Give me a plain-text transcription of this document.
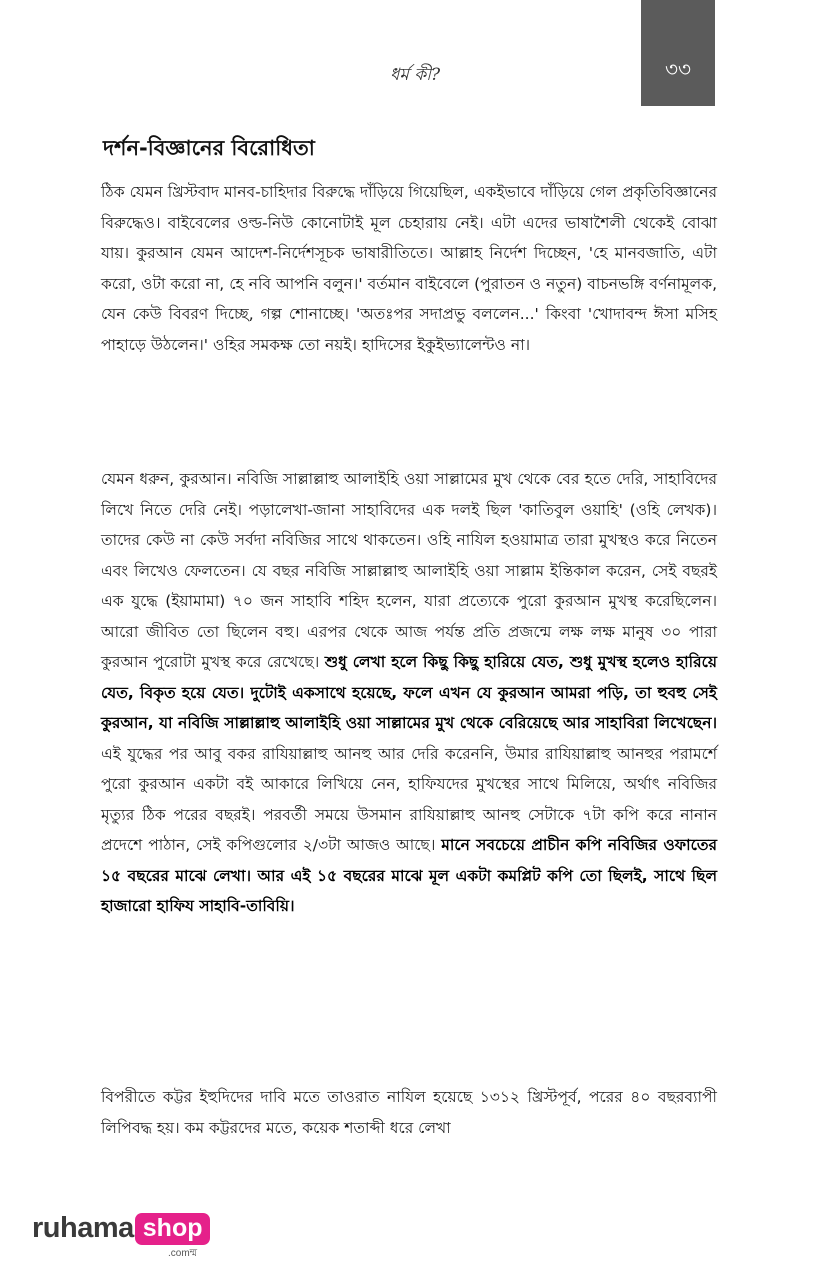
ধর্ম কী?	৩৩
দর্শন-বিজ্ঞানের বিরোধিতা

ঠিক যেমন খ্রিস্টবাদ মানব-চাহিদার বিরুদ্ধে দাঁড়িয়ে গিয়েছিল, একইভাবে দাঁড়িয়ে গেল প্রকৃতিবিজ্ঞানের বিরুদ্ধেও। বাইবেলের ওল্ড-নিউ কোনোটাই মূল চেহারায় নেই। এটা এদের ভাষাশৈলী থেকেই বোঝা যায়। কুরআন যেমন আদেশ-নির্দেশসূচক ভাষারীতিতে। আল্লাহ নির্দেশ দিচ্ছেন, 'হে মানবজাতি, এটা করো, ওটা করো না, হে নবি আপনি বলুন।' বর্তমান বাইবেলে (পুরাতন ও নতুন) বাচনভঙ্গি বর্ণনামূলক, যেন কেউ বিবরণ দিচ্ছে, গল্প শোনাচ্ছে। 'অতঃপর সদাপ্রভু বললেন...' কিংবা 'খোদাবন্দ ঈসা মসিহ পাহাড়ে উঠলেন।' ওহির সমকক্ষ তো নয়ই। হাদিসের ইকুইভ্যালেন্টও না।

যেমন ধরুন, কুরআন। নবিজি সাল্লাল্লাহু আলাইহি ওয়া সাল্লামের মুখ থেকে বের হতে দেরি, সাহাবিদের লিখে নিতে দেরি নেই। পড়ালেখা-জানা সাহাবিদের এক দলই ছিল 'কাতিবুল ওয়াহি' (ওহি লেখক)। তাদের কেউ না কেউ সর্বদা নবিজির সাথে থাকতেন। ওহি নাযিল হওয়ামাত্র তারা মুখস্থও করে নিতেন এবং লিখেও ফেলতেন। যে বছর নবিজি সাল্লাল্লাহু আলাইহি ওয়া সাল্লাম ইন্তিকাল করেন, সেই বছরই এক যুদ্ধে (ইয়ামামা) ৭০ জন সাহাবি শহিদ হলেন, যারা প্রত্যেকে পুরো কুরআন মুখস্থ করেছিলেন। আরো জীবিত তো ছিলেন বহু। এরপর থেকে আজ পর্যন্ত প্রতি প্রজন্মে লক্ষ লক্ষ মানুষ ৩০ পারা কুরআন পুরোটা মুখস্থ করে রেখেছে। শুধু লেখা হলে কিছু কিছু হারিয়ে যেত, শুধু মুখস্থ হলেও হারিয়ে যেত, বিকৃত হয়ে যেত। দুটোই একসাথে হয়েছে, ফলে এখন যে কুরআন আমরা পড়ি, তা হুবহু সেই কুরআন, যা নবিজি সাল্লাল্লাহু আলাইহি ওয়া সাল্লামের মুখ থেকে বেরিয়েছে আর সাহাবিরা লিখেছেন। এই যুদ্ধের পর আবু বকর রাযিয়াল্লাহু আনহু আর দেরি করেননি, উমার রাযিয়াল্লাহু আনহুর পরামর্শে পুরো কুরআন একটা বই আকারে লিখিয়ে নেন, হাফিযদের মুখস্থের সাথে মিলিয়ে, অর্থাৎ নবিজির মৃত্যুর ঠিক পরের বছরই। পরবর্তী সময়ে উসমান রাযিয়াল্লাহু আনহু সেটাকে ৭টা কপি করে নানান প্রদেশে পাঠান, সেই কপিগুলোর ২/৩টা আজও আছে। মানে সবচেয়ে প্রাচীন কপি নবিজির ওফাতের ১৫ বছরের মাঝে লেখা। আর এই ১৫ বছরের মাঝে মূল একটা কমপ্লিট কপি তো ছিলই, সাথে ছিল হাজারো হাফিয সাহাবি-তাবিয়ি।

বিপরীতে কট্টর ইহুদিদের দাবি মতে তাওরাত নাযিল হয়েছে ১৩১২ খ্রিস্টপূর্ব, পরের ৪০ বছরব্যাপী লিপিবদ্ধ হয়। কম কট্টরদের মতে, কয়েক শতাব্দী ধরে লেখা

ruhama shop
.comম্ম
